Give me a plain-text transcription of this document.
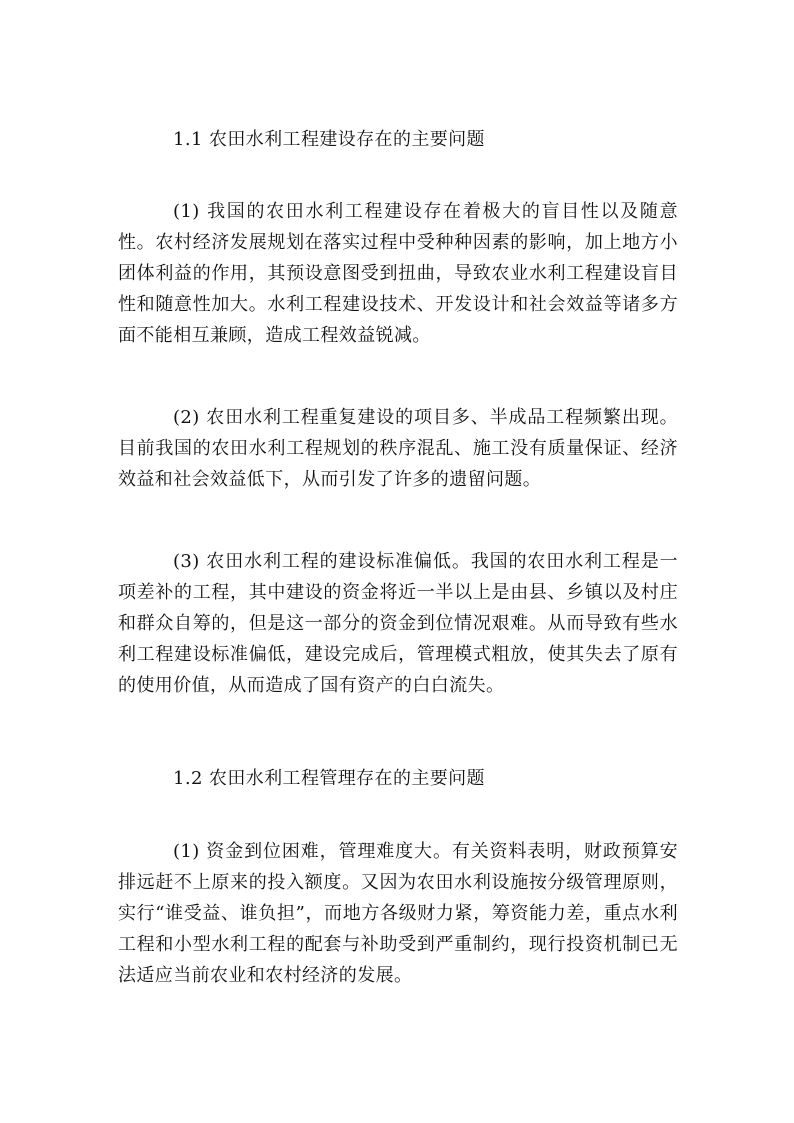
1.1 农田水利工程建设存在的主要问题

(1) 我国的农田水利工程建设存在着极大的盲目性以及随意性。农村经济发展规划在落实过程中受种种因素的影响，加上地方小团体利益的作用，其预设意图受到扭曲，导致农业水利工程建设盲目性和随意性加大。水利工程建设技术、开发设计和社会效益等诸多方面不能相互兼顾，造成工程效益锐减。

(2) 农田水利工程重复建设的项目多、半成品工程频繁出现。目前我国的农田水利工程规划的秩序混乱、施工没有质量保证、经济效益和社会效益低下，从而引发了许多的遗留问题。

(3) 农田水利工程的建设标准偏低。我国的农田水利工程是一项差补的工程，其中建设的资金将近一半以上是由县、乡镇以及村庄和群众自筹的，但是这一部分的资金到位情况艰难。从而导致有些水利工程建设标准偏低，建设完成后，管理模式粗放，使其失去了原有的使用价值，从而造成了国有资产的白白流失。

1.2 农田水利工程管理存在的主要问题

(1) 资金到位困难，管理难度大。有关资料表明，财政预算安排远赶不上原来的投入额度。又因为农田水利设施按分级管理原则，实行“谁受益、谁负担”，而地方各级财力紧，筹资能力差，重点水利工程和小型水利工程的配套与补助受到严重制约，现行投资机制已无法适应当前农业和农村经济的发展。
